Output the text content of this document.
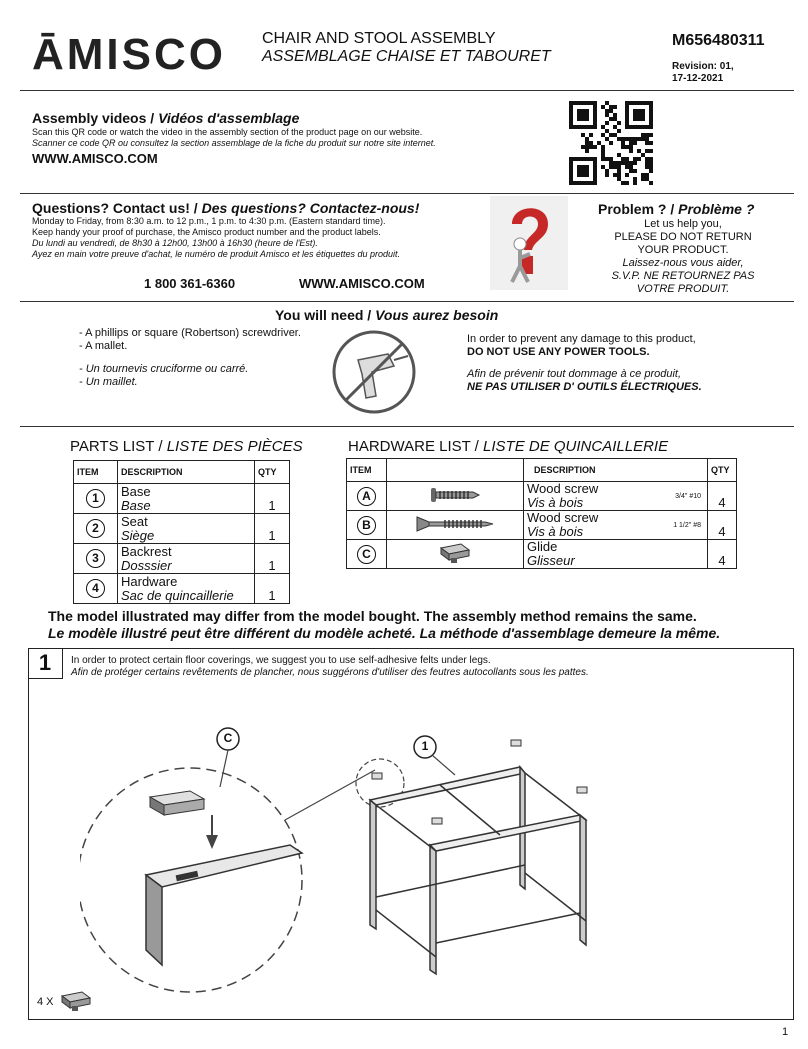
ĀMISCO CHAIR AND STOOL ASSEMBLY
ASSEMBLAGE CHAISE ET TABOURET
M656480311
Revision: 01,
17-12-2021
Assembly videos / Vidéos d'assemblage
Scan this QR code or watch the video in the assembly section of the product page on our website.
Scanner ce code QR ou consultez la section assemblage de la fiche du produit sur notre site internet.
WWW.AMISCO.COM
Questions? Contact us! / Des questions? Contactez-nous!
Monday to Friday, from 8:30 a.m. to 12 p.m., 1 p.m. to 4:30 p.m. (Eastern standard time).
Keep handy your proof of purchase, the Amisco product number and the product labels.
Du lundi au vendredi, de 8h30 à 12h00, 13h00 à 16h30 (heure de l'Est).
Ayez en main votre preuve d'achat, le numéro de produit Amisco et les étiquettes du produit.
1 800 361-6360	WWW.AMISCO.COM
Problem ? / Problème ?
Let us help you,
PLEASE DO NOT RETURN
YOUR PRODUCT.
Laissez-nous vous aider,
S.V.P. NE RETOURNEZ PAS
VOTRE PRODUIT.
You will need / Vous aurez besoin
- A phillips or square (Robertson) screwdriver.
- A mallet.
- Un tournevis cruciforme ou carré.
- Un maillet.
In order to prevent any damage to this product,
DO NOT USE ANY POWER TOOLS.
Afin de prévenir tout dommage à ce produit,
NE PAS UTILISER D' OUTILS ÉLECTRIQUES.
PARTS LIST / LISTE DES PIÈCES
ITEM	DESCRIPTION	QTY
1	Base
Base	1
2	Seat
Siège	1
3	Backrest
Dosssier	1
4	Hardware
Sac de quincaillerie	1
HARDWARE LIST / LISTE DE QUINCAILLERIE
ITEM		DESCRIPTION	QTY
A		Wood screw
Vis à bois 3/4" #10	4
B		Wood screw
Vis à bois 1 1/2" #8	4
C		Glide
Glisseur	4
The model illustrated may differ from the model bought. The assembly method remains the same.
Le modèle illustré peut être différent du modèle acheté. La méthode d'assemblage demeure la même.
1	In order to protect certain floor coverings, we suggest you to use self-adhesive felts under legs.
Afin de protéger certains revêtements de plancher, nous suggérons d'utiliser des feutres autocollants sous les pattes.
C
1
4 X
1
